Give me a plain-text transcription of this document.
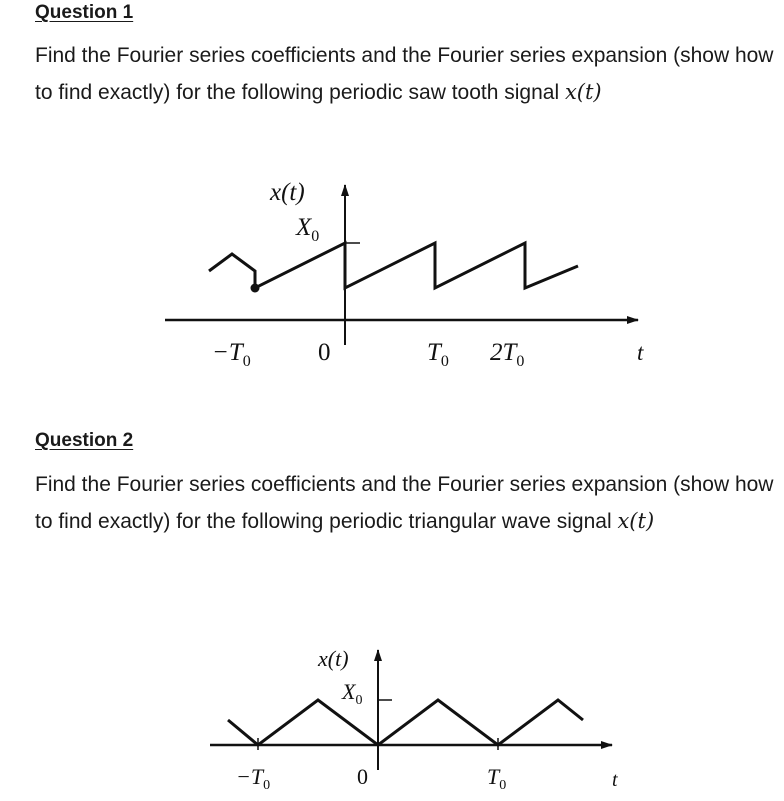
Question 1

Find the Fourier series coefficients and the Fourier series expansion (show how to find exactly) for the following periodic saw tooth signal x(t)

x(t)
$X_0$
$-T_0$	0	$T_0$ $2T_0$	t
Question 2

Find the Fourier series coefficients and the Fourier series expansion (show how to find exactly) for the following periodic triangular wave signal x(t)

x(t)
$X_0$
$-T_0$	0	$T_0$	t
